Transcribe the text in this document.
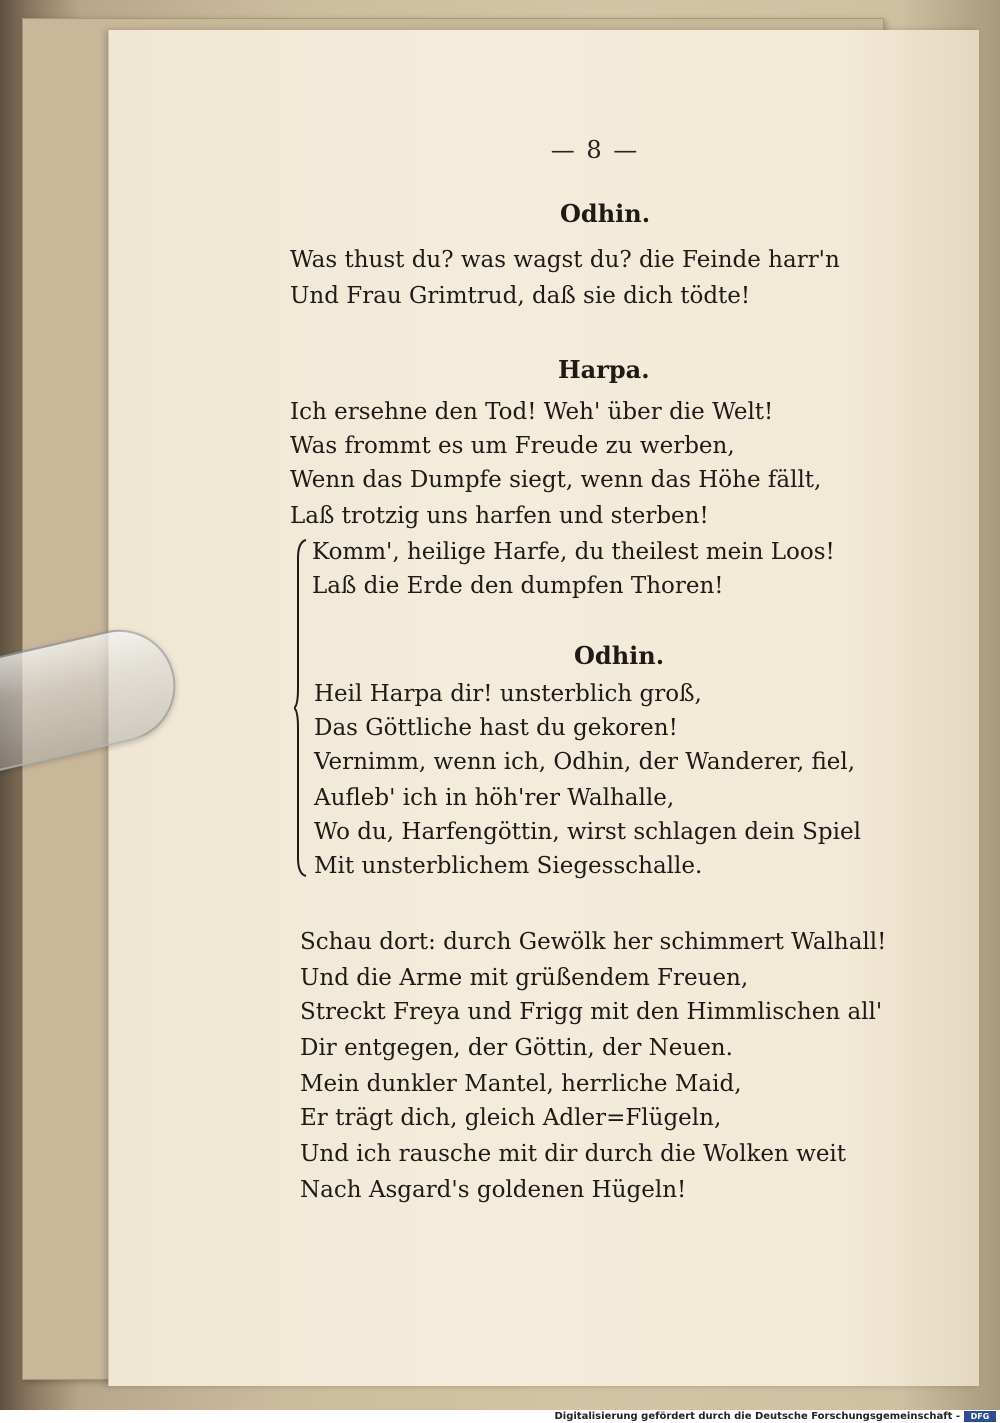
— 8 —
Odhin.
Was thust du? was wagst du? die Feinde harr'n
Und Frau Grimtrud, daß sie dich tödte!
Harpa.
Ich ersehne den Tod! Weh' über die Welt!
Was frommt es um Freude zu werben,
Wenn das Dumpfe siegt, wenn das Höhe fällt,
Laß trotzig uns harfen und sterben!
Komm', heilige Harfe, du theilest mein Loos!
Laß die Erde den dumpfen Thoren!
Odhin.
Heil Harpa dir! unsterblich groß,
Das Göttliche hast du gekoren!
Vernimm, wenn ich, Odhin, der Wanderer, fiel,
Aufleb' ich in höh'rer Walhalle,
Wo du, Harfengöttin, wirst schlagen dein Spiel
Mit unsterblichem Siegesschalle.
Schau dort: durch Gewölk her schimmert Walhall!
Und die Arme mit grüßendem Freuen,
Streckt Freya und Frigg mit den Himmlischen all'
Dir entgegen, der Göttin, der Neuen.
Mein dunkler Mantel, herrliche Maid,
Er trägt dich, gleich Adler=Flügeln,
Und ich rausche mit dir durch die Wolken weit
Nach Asgard's goldenen Hügeln!
Digitalisierung gefördert durch die Deutsche Forschungsgemeinschaft -	DFG
